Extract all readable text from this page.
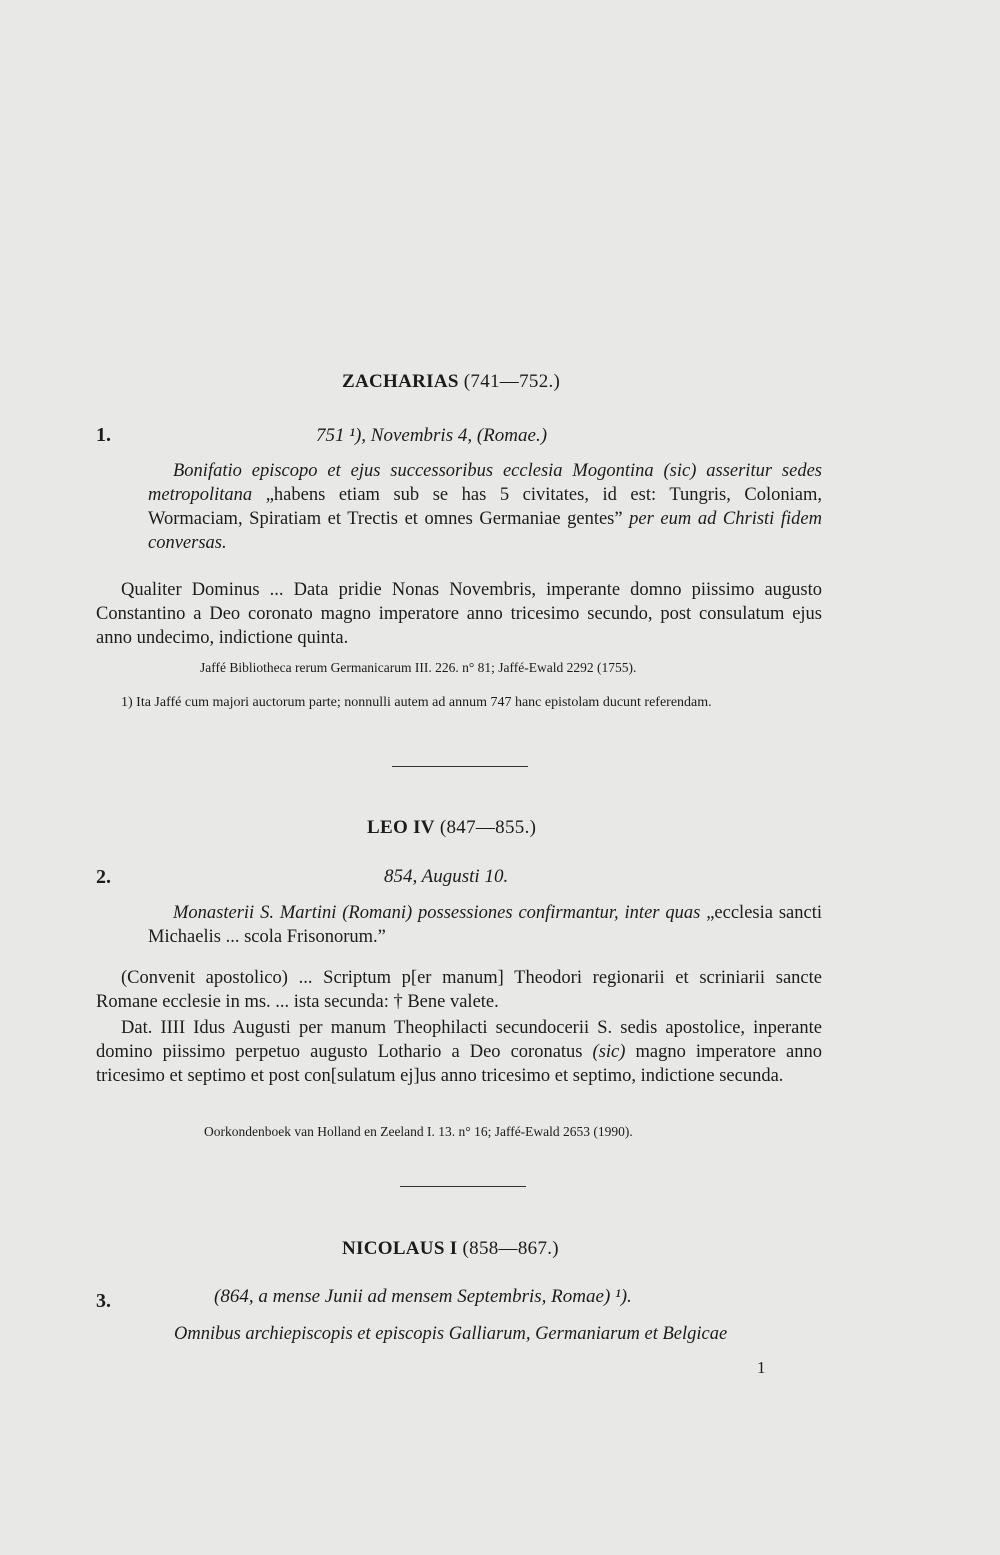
ZACHARIAS (741—752.)
1.	751 ¹), Novembris 4, (Romae.)
Bonifatio episcopo et ejus successoribus ecclesia Mogontina (sic) asseritur sedes metropolitana „habens etiam sub se has 5 civitates, id est: Tungris, Coloniam, Wormaciam, Spiratiam et Trectis et omnes Germaniae gentes” per eum ad Christi fidem conversas.
Qualiter Dominus ... Data pridie Nonas Novembris, imperante domno piissimo augusto Constantino a Deo coronato magno imperatore anno tricesimo secundo, post consulatum ejus anno undecimo, indictione quinta.
Jaffé Bibliotheca rerum Germanicarum III. 226. n° 81; Jaffé-Ewald 2292 (1755).
1) Ita Jaffé cum majori auctorum parte; nonnulli autem ad annum 747 hanc epistolam ducunt referendam.
LEO IV (847—855.)
2.	854, Augusti 10.
Monasterii S. Martini (Romani) possessiones confirmantur, inter quas „ecclesia sancti Michaelis ... scola Frisonorum.”
(Convenit apostolico) ... Scriptum p[er manum] Theodori regionarii et scriniarii sancte Romane ecclesie in ms. ... ista secunda: † Bene valete.
Dat. IIII Idus Augusti per manum Theophilacti secundocerii S. sedis apostolice, inperante domino piissimo perpetuo augusto Lothario a Deo coronatus (sic) magno imperatore anno tricesimo et septimo et post con[sulatum ej]us anno tricesimo et septimo, indictione secunda.
Oorkondenboek van Holland en Zeeland I. 13. n° 16; Jaffé-Ewald 2653 (1990).
NICOLAUS I (858—867.)
3.	(864, a mense Junii ad mensem Septembris, Romae) ¹).
Omnibus archiepiscopis et episcopis Galliarum, Germaniarum et Belgicae
1
